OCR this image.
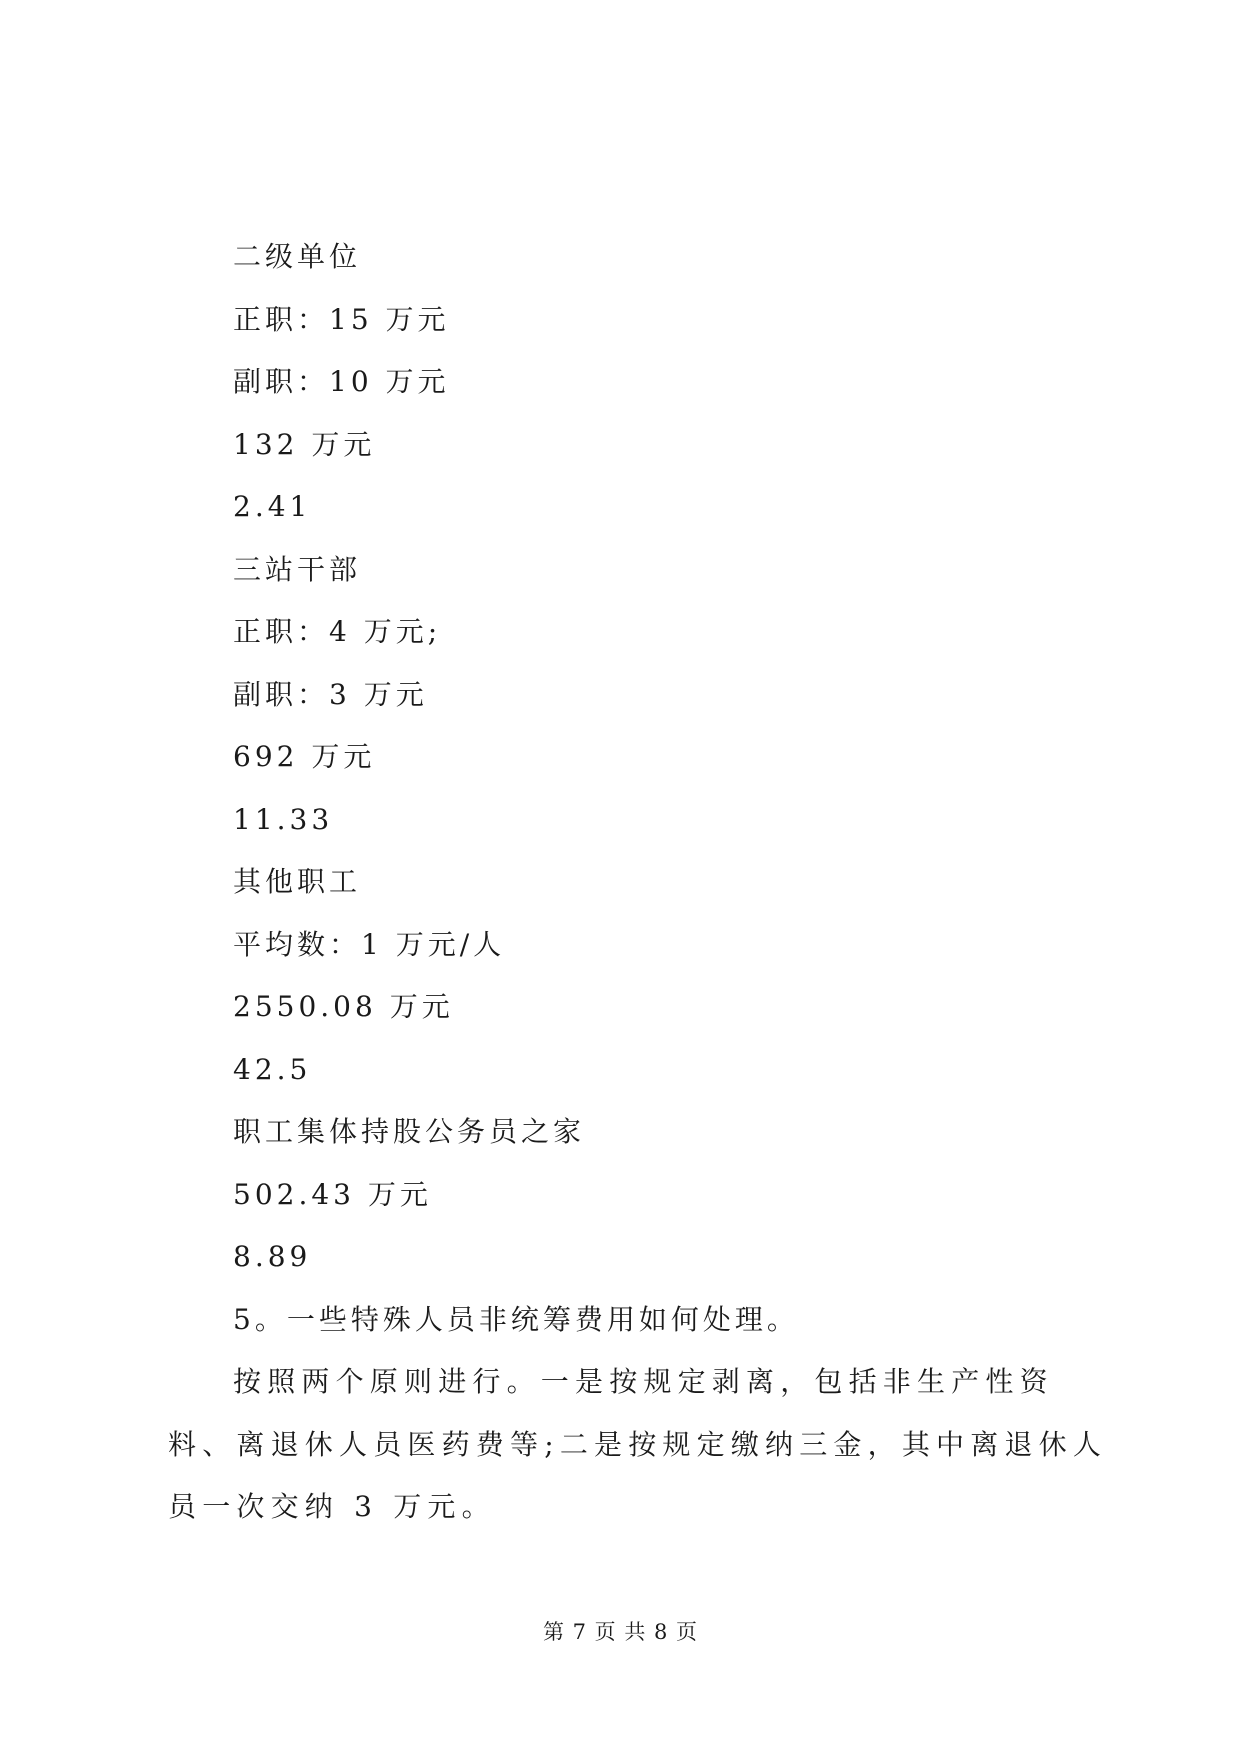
二级单位
正职：15 万元
副职：10 万元
132 万元
2.41
三站干部
正职：4 万元;
副职：3 万元
692 万元
11.33
其他职工
平均数：1 万元/人
2550.08 万元
42.5
职工集体持股公务员之家
502.43 万元
8.89
5。一些特殊人员非统筹费用如何处理。

按照两个原则进行。一是按规定剥离，包括非生产性资料、离退休人员医药费等;二是按规定缴纳三金，其中离退休人员一次交纳 3 万元。

第 7 页 共 8 页
